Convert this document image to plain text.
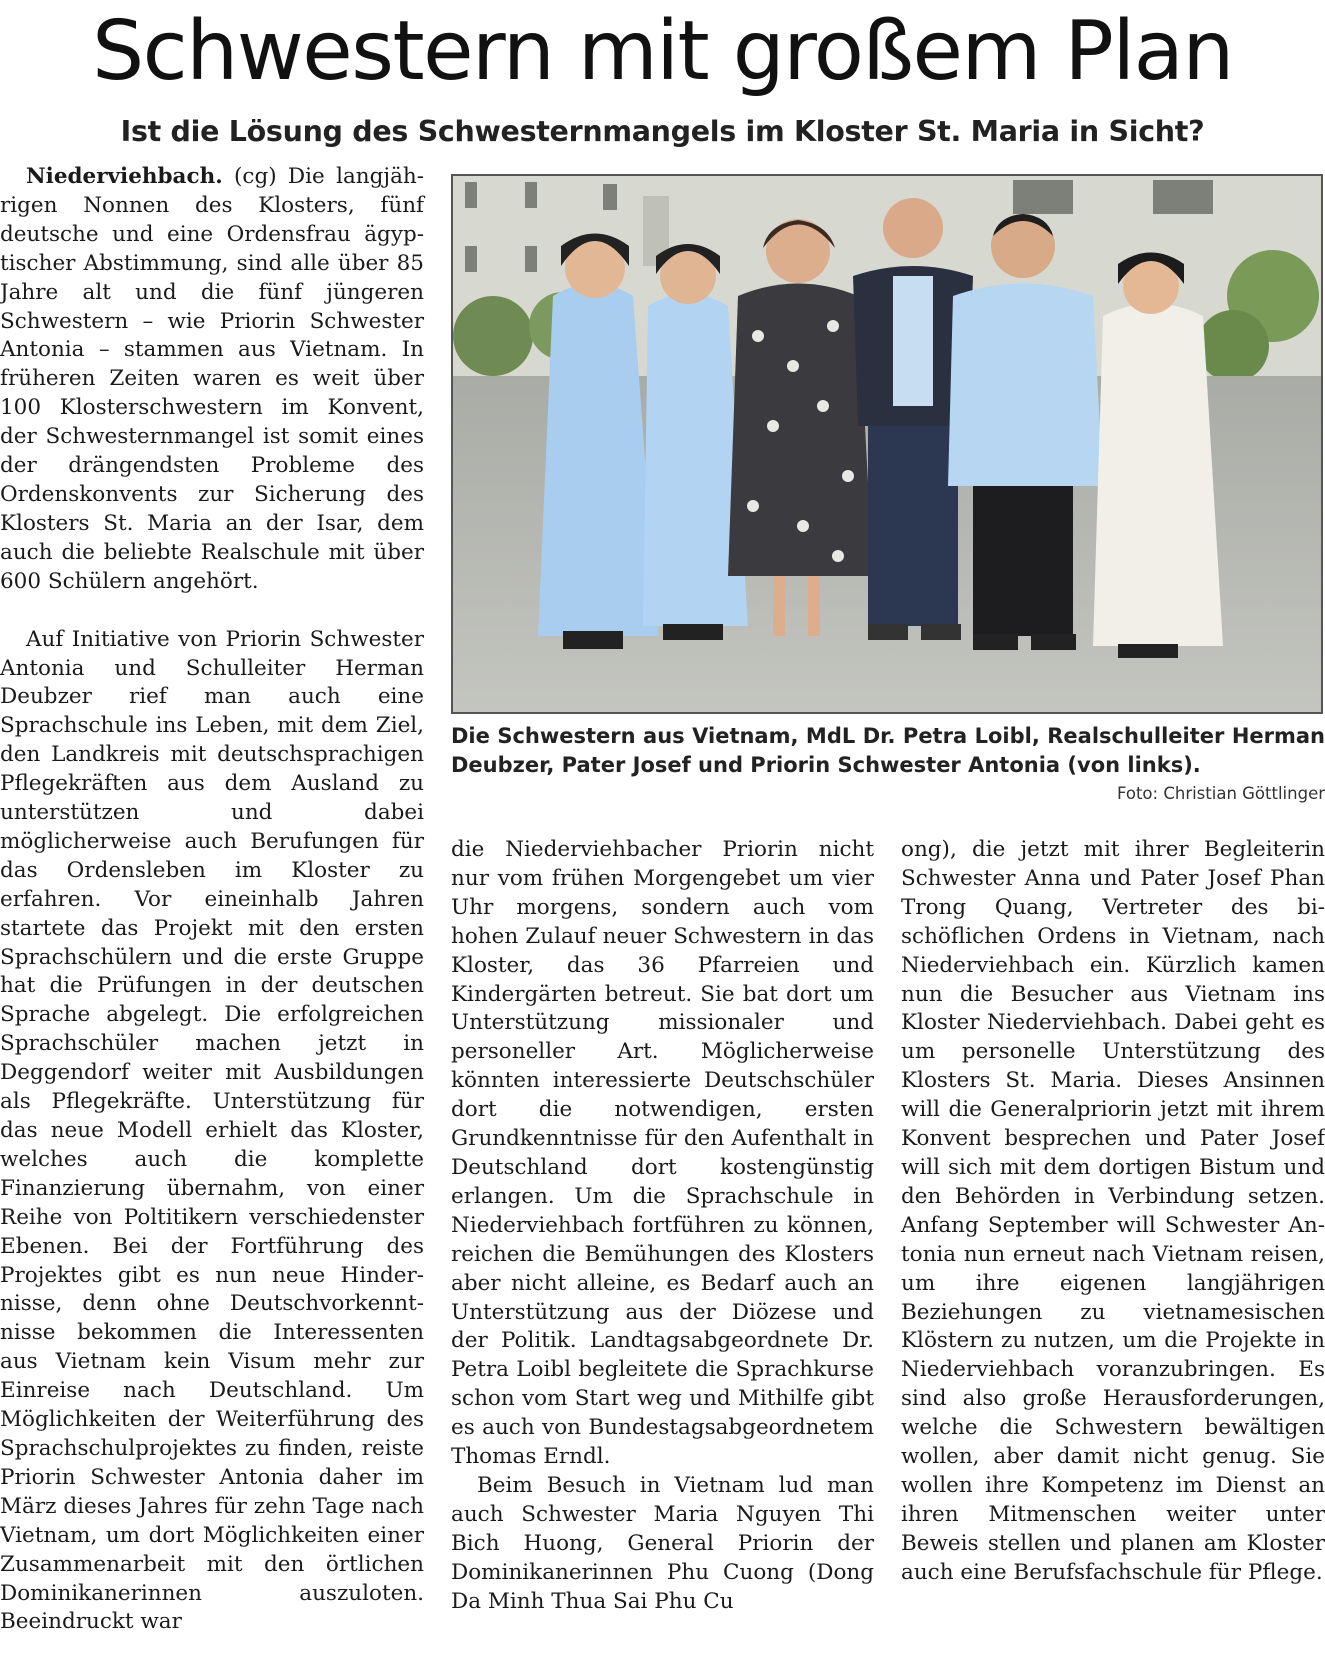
Schwestern mit großem Plan
Ist die Lösung des Schwesternmangels im Kloster St. Maria in Sicht?

Niederviehbach. (cg) Die langjährigen Nonnen des Klosters, fünf deutsche und eine Ordensfrau ägyptischer Abstimmung, sind alle über 85 Jahre alt und die fünf jüngeren Schwestern – wie Priorin Schwester Antonia – stammen aus Vietnam. In früheren Zeiten waren es weit über 100 Klosterschwestern im Konvent, der Schwesternmangel ist somit eines der drängendsten Probleme des Ordenskonvents zur Sicherung des Klosters St. Maria an der Isar, dem auch die beliebte Realschule mit über 600 Schülern angehört.

Auf Initiative von Priorin Schwester Antonia und Schulleiter Herman Deubzer rief man auch eine Sprachschule ins Leben, mit dem Ziel, den Landkreis mit deutschsprachigen Pflegekräften aus dem Ausland zu unterstützen und dabei möglicherweise auch Berufungen für das Ordensleben im Kloster zu erfahren. Vor eineinhalb Jahren startete das Projekt mit den ersten Sprachschülern und die erste Gruppe hat die Prüfungen in der deutschen Sprache abgelegt. Die erfolgreichen Sprachschüler machen jetzt in Deggendorf weiter mit Ausbildungen als Pflegekräfte. Unterstützung für das neue Modell erhielt das Kloster, welches auch die komplette Finanzierung übernahm, von einer Reihe von Poltitikern verschiedenster Ebenen. Bei der Fortführung des Projektes gibt es nun neue Hindernisse, denn ohne Deutschvorkenntnisse bekommen die Interessenten aus Vietnam kein Visum mehr zur Einreise nach Deutschland. Um Möglichkeiten der Weiterführung des Sprachschulprojektes zu finden, reiste Priorin Schwester Antonia daher im März dieses Jahres für zehn Tage nach Vietnam, um dort Möglichkeiten einer Zusammenarbeit mit den örtlichen Dominikanerinnen auszuloten. Beeindruckt war

Die Schwestern aus Vietnam, MdL Dr. Petra Loibl, Realschulleiter Herman Deubzer, Pater Josef und Priorin Schwester Antonia (von links).

Foto: Christian Göttlinger

die Niederviehbacher Priorin nicht nur vom frühen Morgengebet um vier Uhr morgens, sondern auch vom hohen Zulauf neuer Schwestern in das Kloster, das 36 Pfarreien und Kindergärten betreut. Sie bat dort um Unterstützung missionaler und personeller Art. Möglicherweise könnten interessierte Deutschschüler dort die notwendigen, ersten Grundkenntnisse für den Aufenthalt in Deutschland dort kostengünstig erlangen. Um die Sprachschule in Niederviehbach fortführen zu können, reichen die Bemühungen des Klosters aber nicht alleine, es Bedarf auch an Unterstützung aus der Diözese und der Politik. Landtagsabgeordnete Dr. Petra Loibl begleitete die Sprachkurse schon vom Start weg und Mithilfe gibt es auch von Bundestagsabgeordnetem Thomas Erndl.

Beim Besuch in Vietnam lud man auch Schwester Maria Nguyen Thi Bich Huong, General Priorin der Dominikanerinnen Phu Cuong (Dong Da Minh Thua Sai Phu Cu

ong), die jetzt mit ihrer Begleiterin Schwester Anna und Pater Josef Phan Trong Quang, Vertreter des bischöflichen Ordens in Vietnam, nach Niederviehbach ein. Kürzlich kamen nun die Besucher aus Vietnam ins Kloster Niederviehbach. Dabei geht es um personelle Unterstützung des Klosters St. Maria. Dieses Ansinnen will die Generalpriorin jetzt mit ihrem Konvent besprechen und Pater Josef will sich mit dem dortigen Bistum und den Behörden in Verbindung setzen. Anfang September will Schwester Antonia nun erneut nach Vietnam reisen, um ihre eigenen langjährigen Beziehungen zu vietnamesischen Klöstern zu nutzen, um die Projekte in Niederviehbach voranzubringen. Es sind also große Herausforderungen, welche die Schwestern bewältigen wollen, aber damit nicht genug. Sie wollen ihre Kompetenz im Dienst an ihren Mitmenschen weiter unter Beweis stellen und planen am Kloster auch eine Berufsfachschule für Pflege.
